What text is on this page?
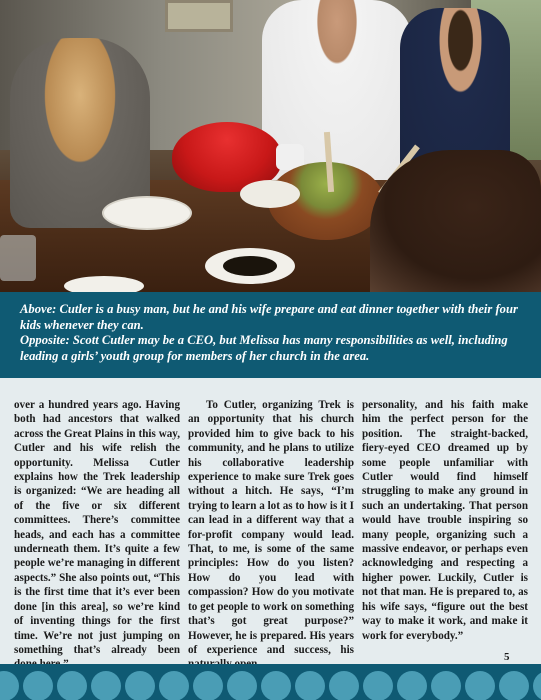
Above: Cutler is a busy man, but he and his wife prepare and eat dinner together with their four kids whenever they can.

Opposite: Scott Cutler may be a CEO, but Melissa has many responsibilities as well, including leading a girls’ youth group for members of her church in the area.

over a hundred years ago. Having both had ancestors that walked across the Great Plains in this way, Cutler and his wife relish the opportunity. Melissa Cutler explains how the Trek leadership is organized: “We are heading all of the five or six different committees. There’s committee heads, and each has a committee underneath them. It’s quite a few people we’re managing in different aspects.” She also points out, “This is the first time that it’s ever been done [in this area], so we’re kind of inventing things for the first time. We’re not just jumping on something that’s already been

To Cutler, organizing Trek is an opportunity that his church provided him to give back to his community, and he plans to utilize his collaborative leadership experience to make sure Trek goes without a hitch. He says, “I’m trying to learn a lot as to how is it I can lead in a different way that a for-profit company would lead. That, to me, is some of the same principles: How do you listen? How do you lead with compassion? How do you motivate to get people to work on something that’s got great purpose?” However, he is prepared. His years of experience and success, his

personality, and his faith make him the perfect person for the position. The straight-backed, fiery-eyed CEO dreamed up by some people unfamiliar with Cutler would find himself struggling to make any ground in such an undertaking. That person would have trouble inspiring so many people, organizing such a massive endeavor, or perhaps even acknowledging and respecting a higher power. Luckily, Cutler is not that man. He is prepared to, as his wife says, “figure out the best way to make it work, and make it work for everybody.”

5
